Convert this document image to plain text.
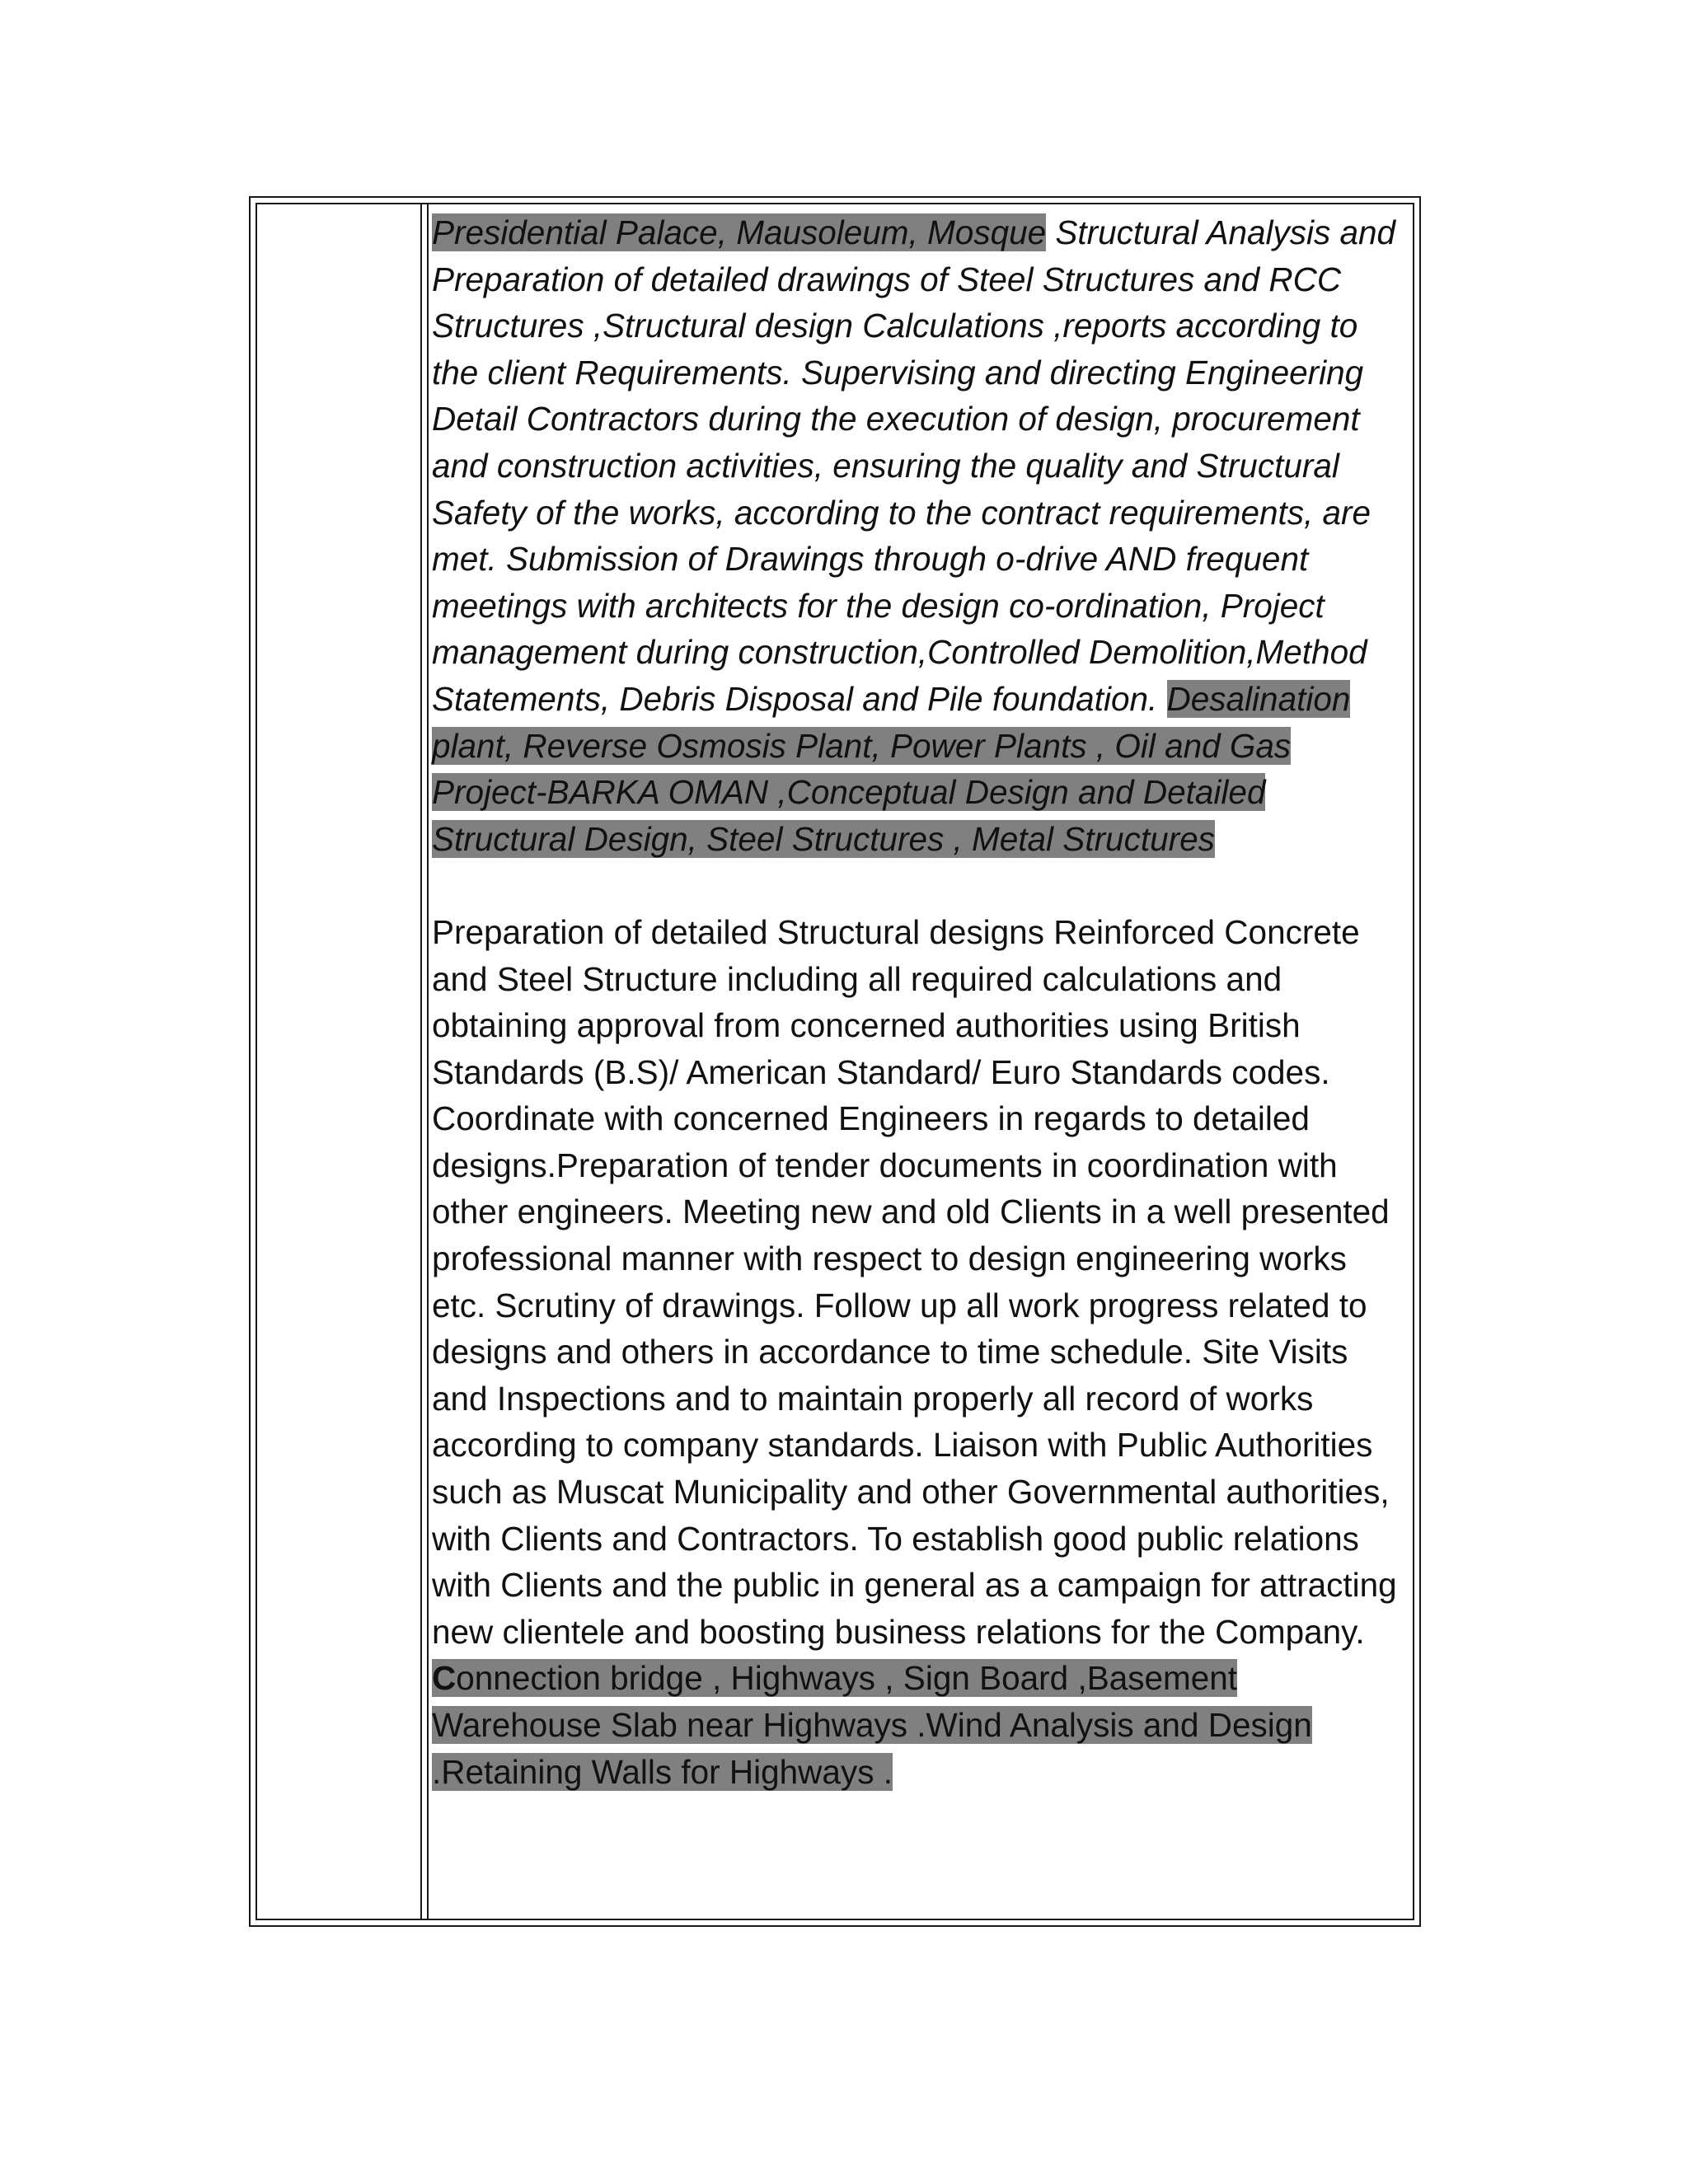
Presidential Palace, Mausoleum, Mosque Structural Analysis and Preparation of detailed drawings of Steel Structures and RCC Structures ,Structural design Calculations ,reports according to the client Requirements. Supervising and directing Engineering Detail Contractors during the execution of design, procurement and construction activities, ensuring the quality and Structural Safety of the works, according to the contract requirements, are met. Submission of Drawings through o-drive AND frequent meetings with architects for the design co-ordination, Project management during construction,Controlled Demolition,Method Statements, Debris Disposal and Pile foundation. Desalination plant, Reverse Osmosis Plant, Power Plants , Oil and Gas Project-BARKA OMAN ,Conceptual Design and Detailed Structural Design, Steel Structures , Metal Structures

Preparation of detailed Structural designs Reinforced Concrete and Steel Structure including all required calculations and obtaining approval from concerned authorities using British Standards (B.S)/ American Standard/ Euro Standards codes. Coordinate with concerned Engineers in regards to detailed designs.Preparation of tender documents in coordination with other engineers. Meeting new and old Clients in a well presented professional manner with respect to design engineering works etc. Scrutiny of drawings. Follow up all work progress related to designs and others in accordance to time schedule. Site Visits and Inspections and to maintain properly all record of works according to company standards. Liaison with Public Authorities such as Muscat Municipality and other Governmental authorities, with Clients and Contractors. To establish good public relations with Clients and the public in general as a campaign for attracting new clientele and boosting business relations for the Company. Connection bridge , Highways , Sign Board ,Basement Warehouse Slab near Highways .Wind Analysis and Design .Retaining Walls for Highways .
